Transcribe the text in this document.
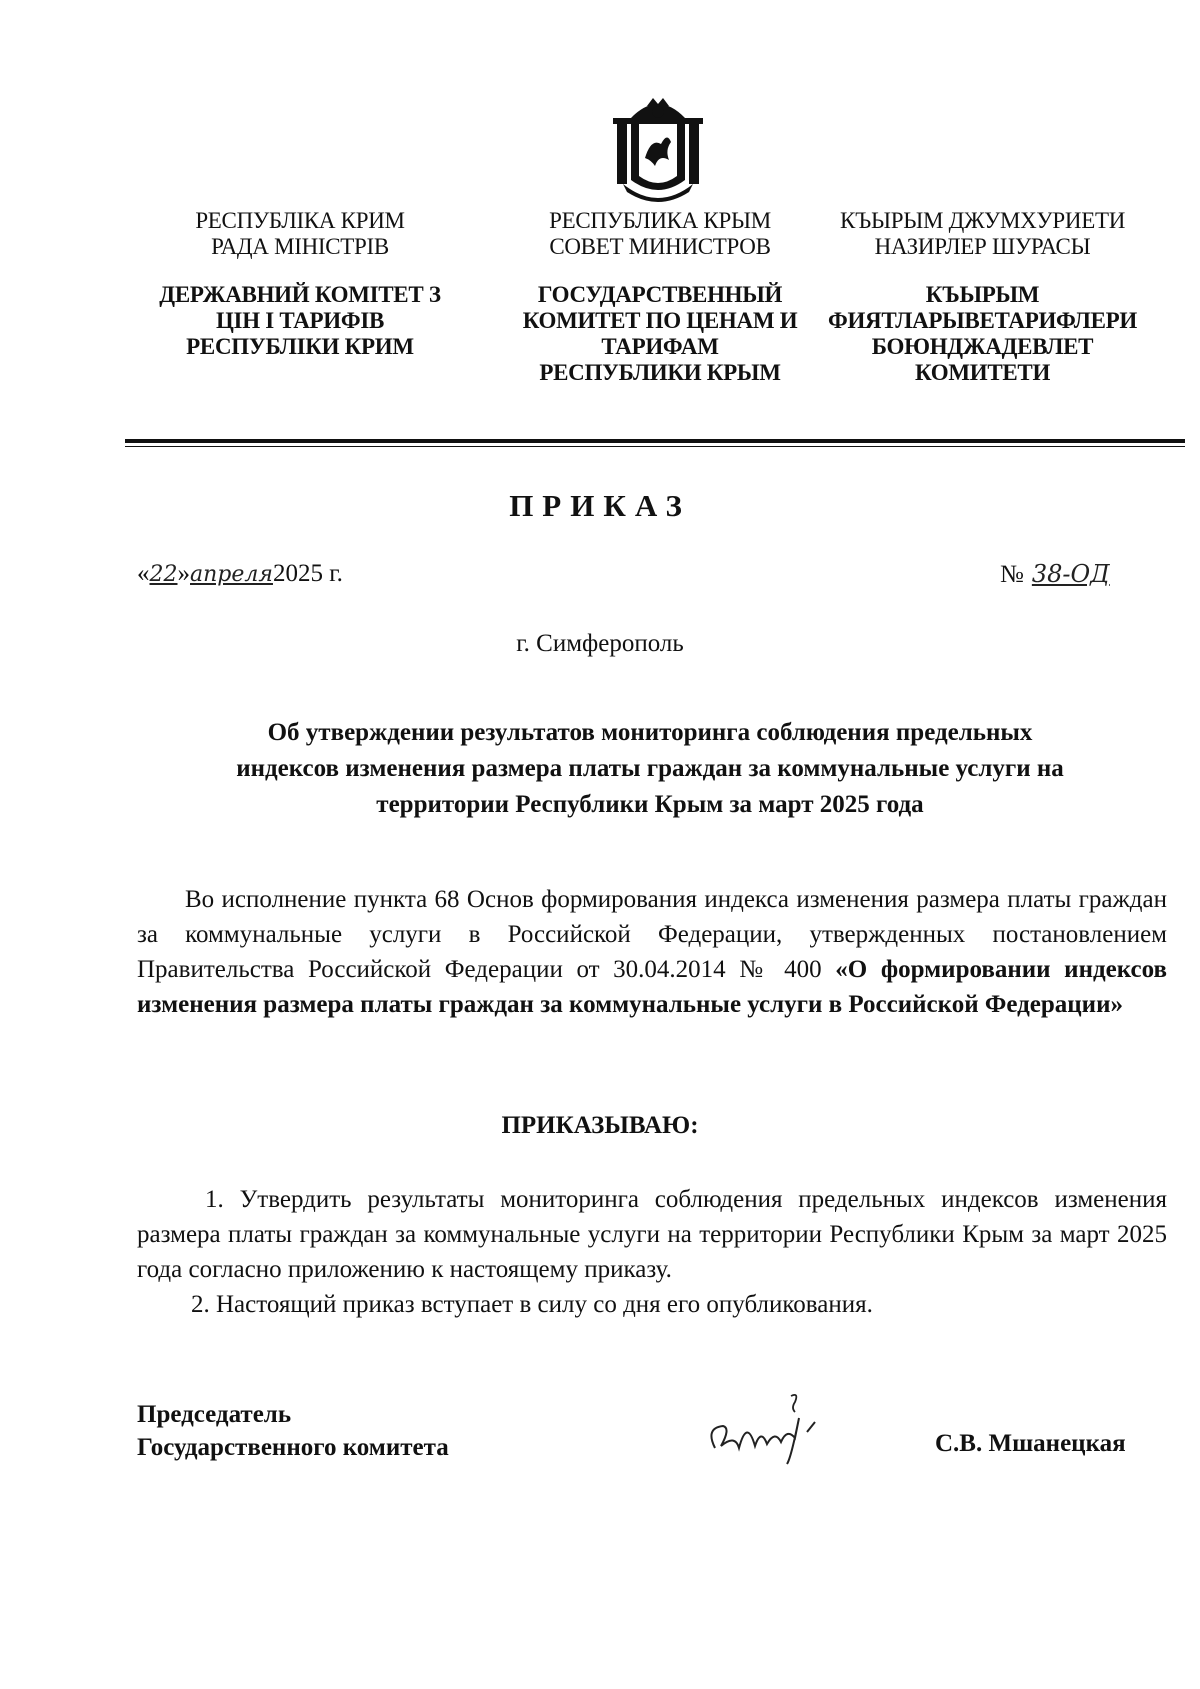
РЕСПУБЛІКА КРИМ
РАДА МІНІСТРІВ
ДЕРЖАВНИЙ КОМІТЕТ З
ЦІН І ТАРИФІВ
РЕСПУБЛІКИ КРИМ
РЕСПУБЛИКА КРЫМ
СОВЕТ МИНИСТРОВ
ГОСУДАРСТВЕННЫЙ
КОМИТЕТ ПО ЦЕНАМ И
ТАРИФАМ
РЕСПУБЛИКИ КРЫМ
КЪЫРЫМ ДЖУМХУРИЕТИ
НАЗИРЛЕР ШУРАСЫ
КЪЫРЫМ
ФИЯТЛАРЫВЕТАРИФЛЕРИ
БОЮНДЖАДЕВЛЕТ
КОМИТЕТИ
ПРИКАЗ
«22»апреля2025 г.	№ 38-ОД
г. Симферополь
Об утверждении результатов мониторинга соблюдения предельных
индексов изменения размера платы граждан за коммунальные услуги на
территории Республики Крым за март 2025 года
Во исполнение пункта 68 Основ формирования индекса изменения размера платы граждан за коммунальные услуги в Российской Федерации, утвержденных постановлением Правительства Российской Федерации от 30.04.2014 № 400 «О формировании индексов изменения размера платы граждан за коммунальные услуги в Российской Федерации»
ПРИКАЗЫВАЮ:
1. Утвердить результаты мониторинга соблюдения предельных индексов изменения размера платы граждан за коммунальные услуги на территории Республики Крым за март 2025 года согласно приложению к настоящему приказу.
2. Настоящий приказ вступает в силу со дня его опубликования.
Председатель
Государственного комитета	С.В. Мшанецкая
